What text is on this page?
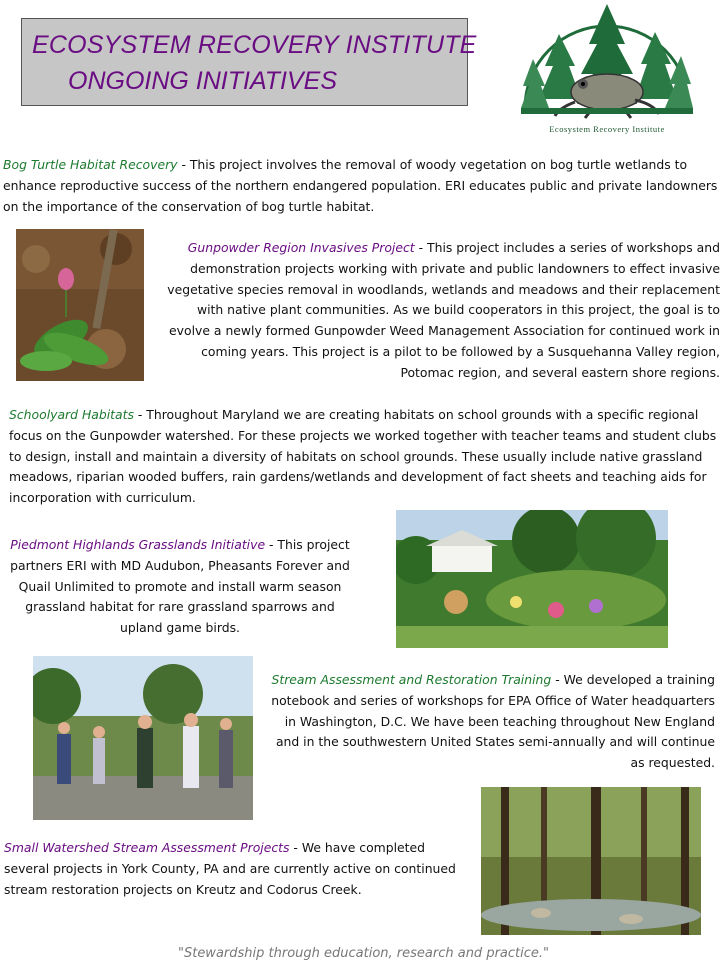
ECOSYSTEM RECOVERY INSTITUTE
ONGOING INITIATIVES
Ecosystem Recovery Institute
Bog Turtle Habitat Recovery - This project involves the removal of woody vegetation on bog turtle wetlands to enhance reproductive success of the northern endangered population. ERI educates public and private landowners on the importance of the conservation of bog turtle habitat.
Gunpowder Region Invasives Project - This project includes a series of workshops and demonstration projects working with private and public landowners to effect invasive vegetative species removal in woodlands, wetlands and meadows and their replacement with native plant communities. As we build cooperators in this project, the goal is to evolve a newly formed Gunpowder Weed Management Association for continued work in coming years. This project is a pilot to be followed by a Susquehanna Valley region, Potomac region, and several eastern shore regions.
Schoolyard Habitats - Throughout Maryland we are creating habitats on school grounds with a specific regional focus on the Gunpowder watershed. For these projects we worked together with teacher teams and student clubs to design, install and maintain a diversity of habitats on school grounds. These usually include native grassland meadows, riparian wooded buffers, rain gardens/wetlands and development of fact sheets and teaching aids for incorporation with curriculum.
Piedmont Highlands Grasslands Initiative - This project partners ERI with MD Audubon, Pheasants Forever and Quail Unlimited to promote and install warm season grassland habitat for rare grassland sparrows and upland game birds.
Stream Assessment and Restoration Training - We developed a training notebook and series of workshops for EPA Office of Water headquarters in Washington, D.C. We have been teaching throughout New England and in the southwestern United States semi-annually and will continue as requested.
Small Watershed Stream Assessment Projects - We have completed several projects in York County, PA and are currently active on continued stream restoration projects on Kreutz and Codorus Creek.
"Stewardship through education, research and practice."
